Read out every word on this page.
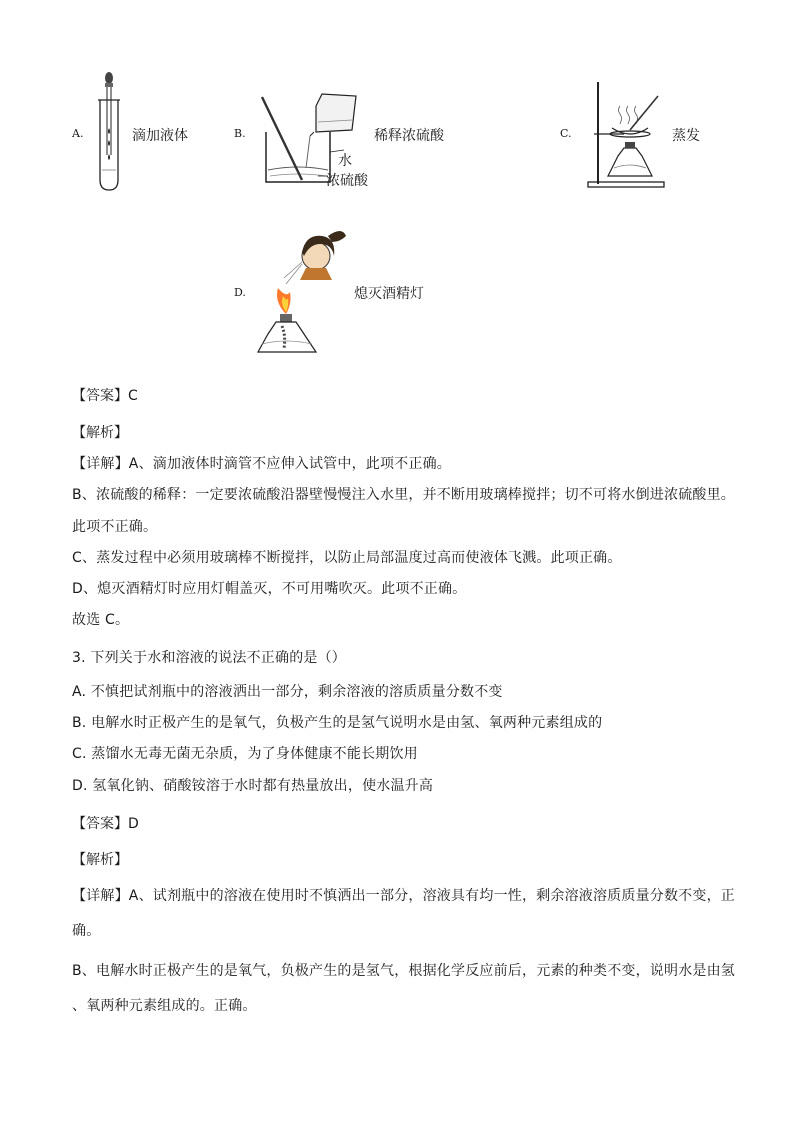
A.	滴加液体	B.	稀释浓硫酸
水
浓硫酸
C.	蒸发
D.	熄灭酒精灯
【答案】C
【解析】
【详解】A、滴加液体时滴管不应伸入试管中，此项不正确。
B、浓硫酸的稀释：一定要浓硫酸沿器壁慢慢注入水里，并不断用玻璃棒搅拌；切不可将水倒进浓硫酸里。
此项不正确。
C、蒸发过程中必须用玻璃棒不断搅拌，以防止局部温度过高而使液体飞溅。此项正确。
D、熄灭酒精灯时应用灯帽盖灭，不可用嘴吹灭。此项不正确。
故选 C。
3. 下列关于水和溶液的说法不正确的是（）
A. 不慎把试剂瓶中的溶液洒出一部分，剩余溶液的溶质质量分数不变
B. 电解水时正极产生的是氧气，负极产生的是氢气说明水是由氢、氧两种元素组成的
C. 蒸馏水无毒无菌无杂质，为了身体健康不能长期饮用
D. 氢氧化钠、硝酸铵溶于水时都有热量放出，使水温升高
【答案】D
【解析】
【详解】A、试剂瓶中的溶液在使用时不慎洒出一部分，溶液具有均一性，剩余溶液溶质质量分数不变，正
确。
B、电解水时正极产生的是氧气，负极产生的是氢气，根据化学反应前后，元素的种类不变，说明水是由氢
、氧两种元素组成的。正确。
